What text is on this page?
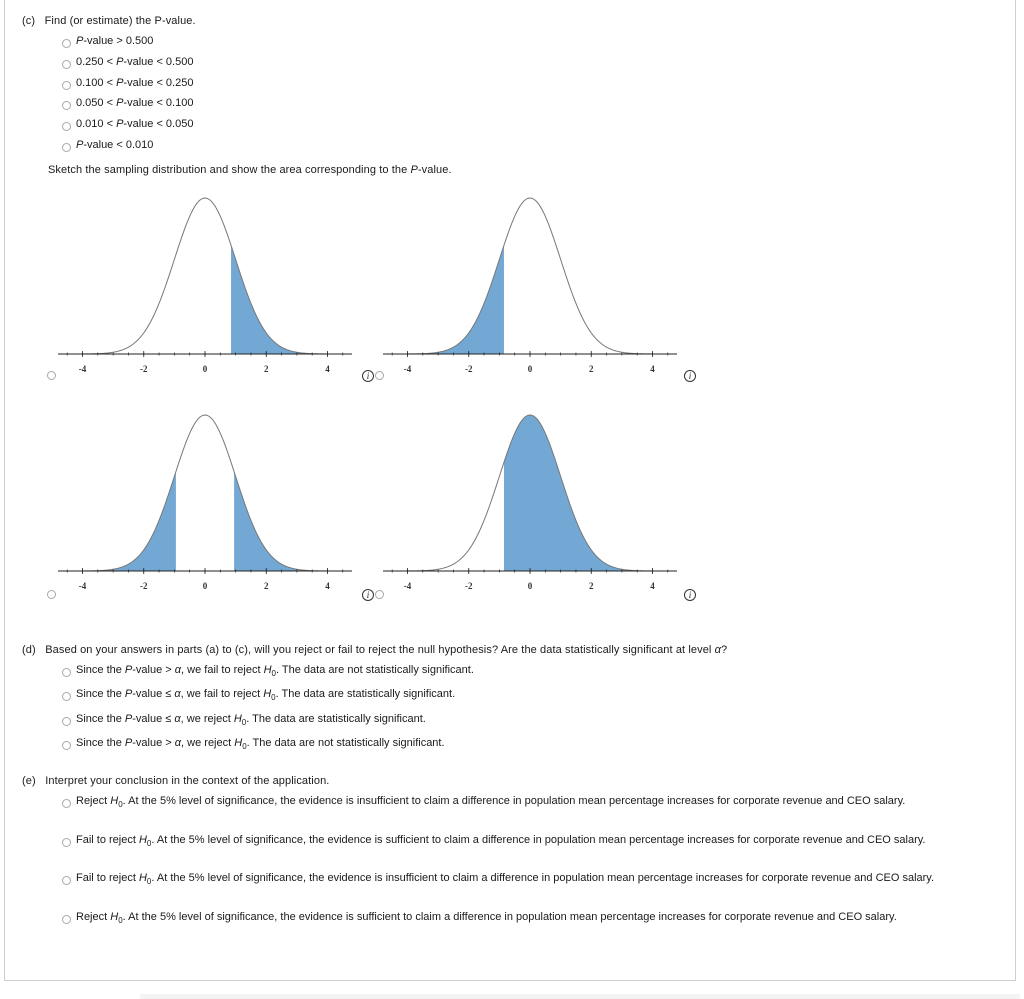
(c) Find (or estimate) the P-value.
P-value > 0.500
0.250 < P-value < 0.500
0.100 < P-value < 0.250
0.050 < P-value < 0.100
0.010 < P-value < 0.050
P-value < 0.010
Sketch the sampling distribution and show the area corresponding to the P-value.
-4	-2	0	2	4	-4	-2	0	2	4
-4	-2	0	2	4	-4	-2	0	2	4
i	i
i	i
(d) Based on your answers in parts (a) to (c), will you reject or fail to reject the null hypothesis? Are the data statistically significant at level α?
Since the P-value > α, we fail to reject $H_0$. The data are not statistically significant.
Since the P-value ≤ α, we fail to reject $H_0$. The data are statistically significant.
Since the P-value ≤ α, we reject $H_0$. The data are statistically significant.
Since the P-value > α, we reject $H_0$. The data are not statistically significant.
(e) Interpret your conclusion in the context of the application.
Reject $H_0$. At the 5% level of significance, the evidence is insufficient to claim a difference in population mean percentage increases for corporate revenue and CEO salary.
Fail to reject $H_0$. At the 5% level of significance, the evidence is sufficient to claim a difference in population mean percentage increases for corporate revenue and CEO salary.
Fail to reject $H_0$. At the 5% level of significance, the evidence is insufficient to claim a difference in population mean percentage increases for corporate revenue and CEO salary.
Reject $H_0$. At the 5% level of significance, the evidence is sufficient to claim a difference in population mean percentage increases for corporate revenue and CEO salary.
